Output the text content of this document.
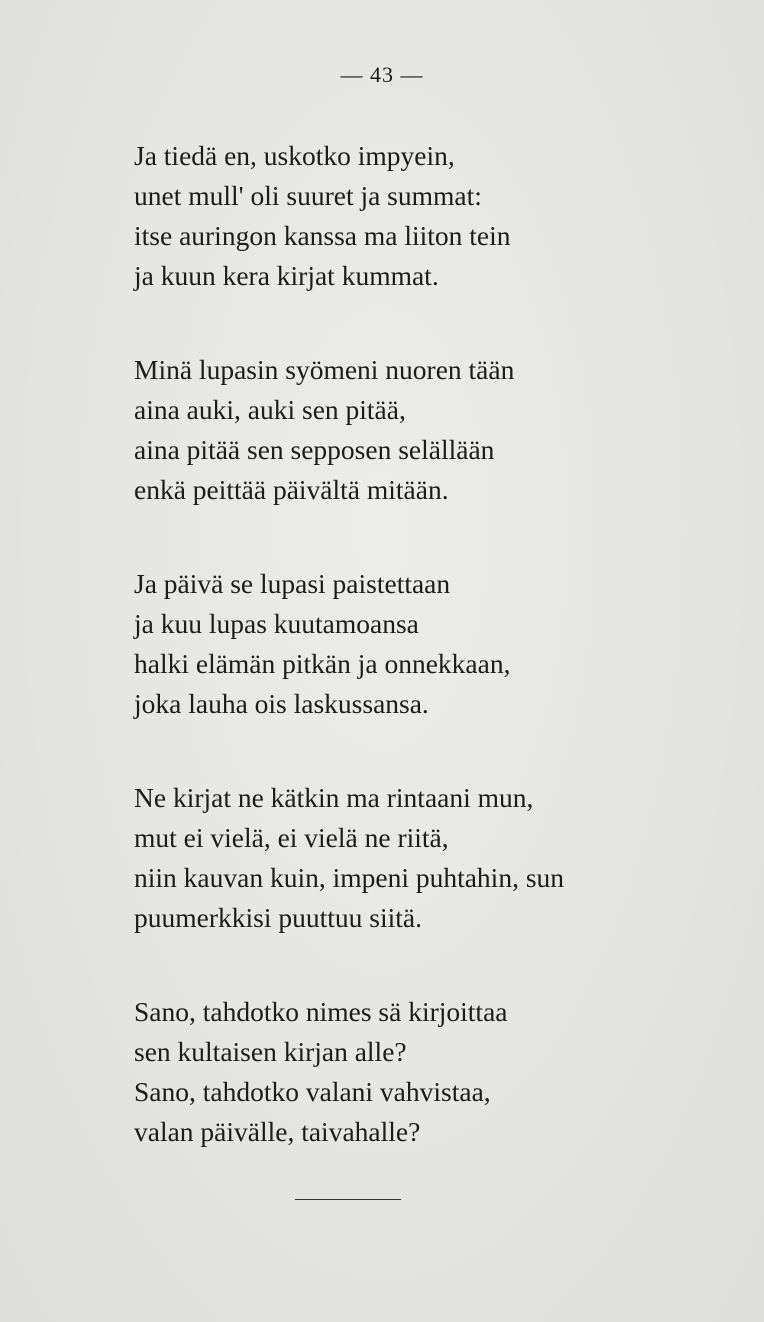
— 43 —
Ja tiedä en, uskotko impyein,
unet mull' oli suuret ja summat:
itse auringon kanssa ma liiton tein
ja kuun kera kirjat kummat.
Minä lupasin syömeni nuoren tään
aina auki, auki sen pitää,
aina pitää sen sepposen selällään
enkä peittää päivältä mitään.
Ja päivä se lupasi paistettaan
ja kuu lupas kuutamoansa
halki elämän pitkän ja onnekkaan,
joka lauha ois laskussansa.
Ne kirjat ne kätkin ma rintaani mun,
mut ei vielä, ei vielä ne riitä,
niin kauvan kuin, impeni puhtahin, sun
puumerkkisi puuttuu siitä.
Sano, tahdotko nimes sä kirjoittaa
sen kultaisen kirjan alle?
Sano, tahdotko valani vahvistaa,
valan päivälle, taivahalle?
